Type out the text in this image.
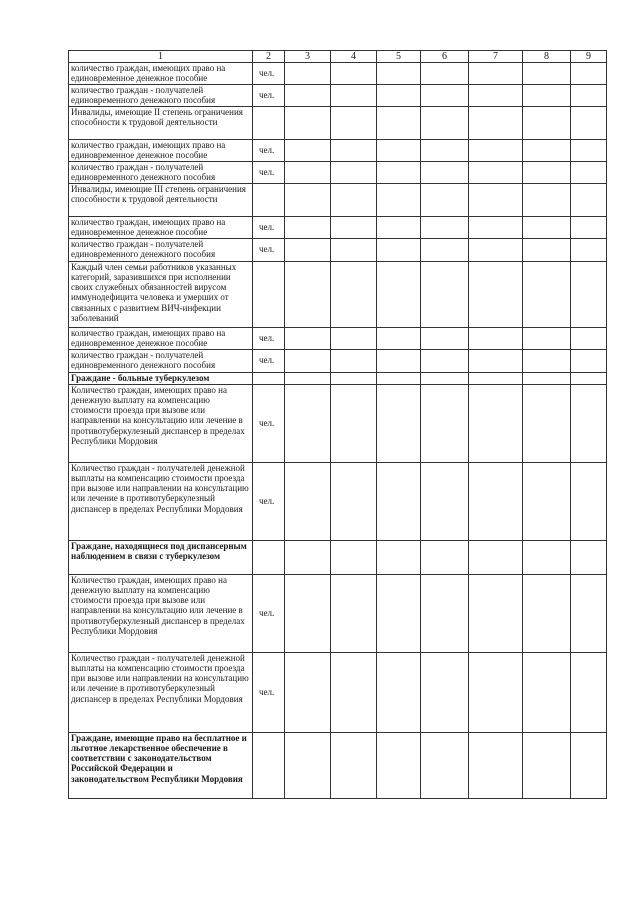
1	2	3	4	5	6	7	8	9
количество граждан, имеющих право на единовременное денежное пособие	чел.							
количество граждан - получателей единовременного денежного пособия	чел.							
Инвалиды, имеющие II степень ограничения способности к трудовой деятельности								
количество граждан, имеющих право на единовременное денежное пособие	чел.							
количество граждан - получателей единовременного денежного пособия	чел.							
Инвалиды, имеющие III степень ограничения способности к трудовой деятельности								
количество граждан, имеющих право на единовременное денежное пособие	чел.							
количество граждан - получателей единовременного денежного пособия	чел.							
Каждый член семьи работников указанных категорий, заразившихся при исполнении своих служебных обязанностей вирусом иммунодефицита человека и умерших от связанных с развитием ВИЧ-инфекции заболеваний								
количество граждан, имеющих право на единовременное денежное пособие	чел.							
количество граждан - получателей единовременного денежного пособия	чел.							
Граждане - больные туберкулезом								
Количество граждан, имеющих право на денежную выплату на компенсацию стоимости проезда при вызове или направлении на консультацию или лечение в противотуберкулезный диспансер в пределах Республики Мордовия	чел.							
Количество граждан - получателей денежной выплаты на компенсацию стоимости проезда при вызове или направлении на консультацию или лечение в противотуберкулезный диспансер в пределах Республики Мордовия	чел.							
Граждане, находящиеся под диспансерным наблюдением в связи с туберкулезом								
Количество граждан, имеющих право на денежную выплату на компенсацию стоимости проезда при вызове или направлении на консультацию или лечение в противотуберкулезный диспансер в пределах Республики Мордовия	чел.							
Количество граждан - получателей денежной выплаты на компенсацию стоимости проезда при вызове или направлении на консультацию или лечение в противотуберкулезный диспансер в пределах Республики Мордовия	чел.							
Граждане, имеющие право на бесплатное и льготное лекарственное обеспечение в соответствии с законодательством Российской Федерации и законодательством Республики Мордовия								
